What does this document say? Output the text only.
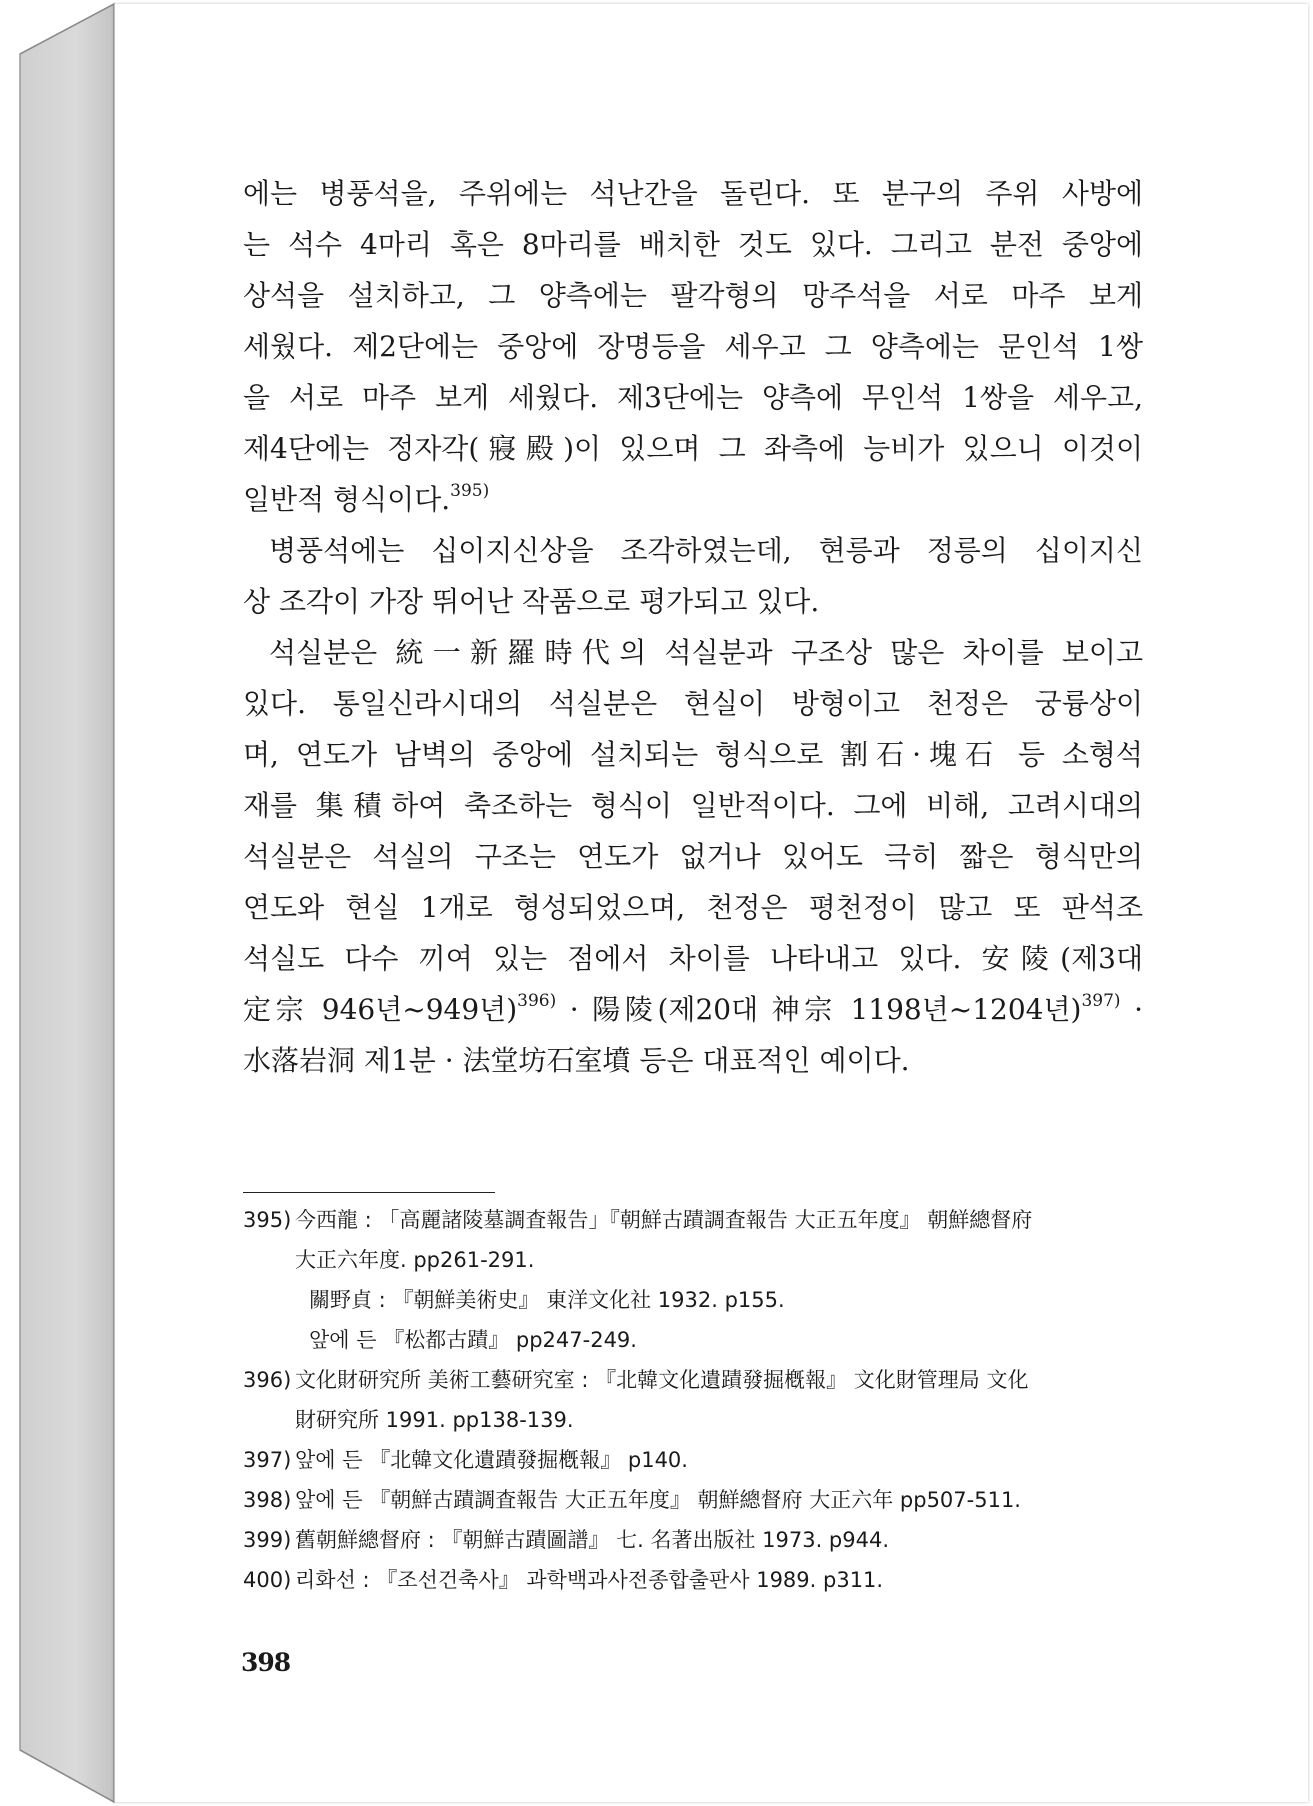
에는 병풍석을, 주위에는 석난간을 돌린다. 또 분구의 주위 사방에
는 석수 4마리 혹은 8마리를 배치한 것도 있다. 그리고 분전 중앙에
상석을 설치하고, 그 양측에는 팔각형의 망주석을 서로 마주 보게
세웠다. 제2단에는 중앙에 장명등을 세우고 그 양측에는 문인석 1쌍
을 서로 마주 보게 세웠다. 제3단에는 양측에 무인석 1쌍을 세우고,
제4단에는 정자각(寢殿)이 있으며 그 좌측에 능비가 있으니 이것이
일반적 형식이다.$^{395)}$
병풍석에는 십이지신상을 조각하였는데, 현릉과 정릉의 십이지신
상 조각이 가장 뛰어난 작품으로 평가되고 있다.
석실분은 統一新羅時代의 석실분과 구조상 많은 차이를 보이고
있다. 통일신라시대의 석실분은 현실이 방형이고 천정은 궁륭상이
며, 연도가 남벽의 중앙에 설치되는 형식으로 割石·塊石 등 소형석
재를 集積하여 축조하는 형식이 일반적이다. 그에 비해, 고려시대의
석실분은 석실의 구조는 연도가 없거나 있어도 극히 짧은 형식만의
연도와 현실 1개로 형성되었으며, 천정은 평천정이 많고 또 판석조
석실도 다수 끼여 있는 점에서 차이를 나타내고 있다. 安陵(제3대
定宗 946년~949년)$^{396)}$ · 陽陵(제20대 神宗 1198년~1204년)$^{397)}$ ·
水落岩洞 제1분 · 法堂坊石室墳 등은 대표적인 예이다.
395) 今西龍 : 「高麗諸陵墓調査報告」『朝鮮古蹟調査報告 大正五年度』 朝鮮總督府
大正六年度. pp261-291.
關野貞 : 『朝鮮美術史』 東洋文化社 1932. p155.
앞에 든 『松都古蹟』 pp247-249.
396) 文化財研究所 美術工藝研究室 : 『北韓文化遺蹟發掘槪報』 文化財管理局 文化
財研究所 1991. pp138-139.
397) 앞에 든 『北韓文化遺蹟發掘槪報』 p140.
398) 앞에 든 『朝鮮古蹟調査報告 大正五年度』 朝鮮總督府 大正六年 pp507-511.
399) 舊朝鮮總督府 : 『朝鮮古蹟圖譜』 七. 名著出版社 1973. p944.
400) 리화선 : 『조선건축사』 과학백과사전종합출판사 1989. p311.
398
